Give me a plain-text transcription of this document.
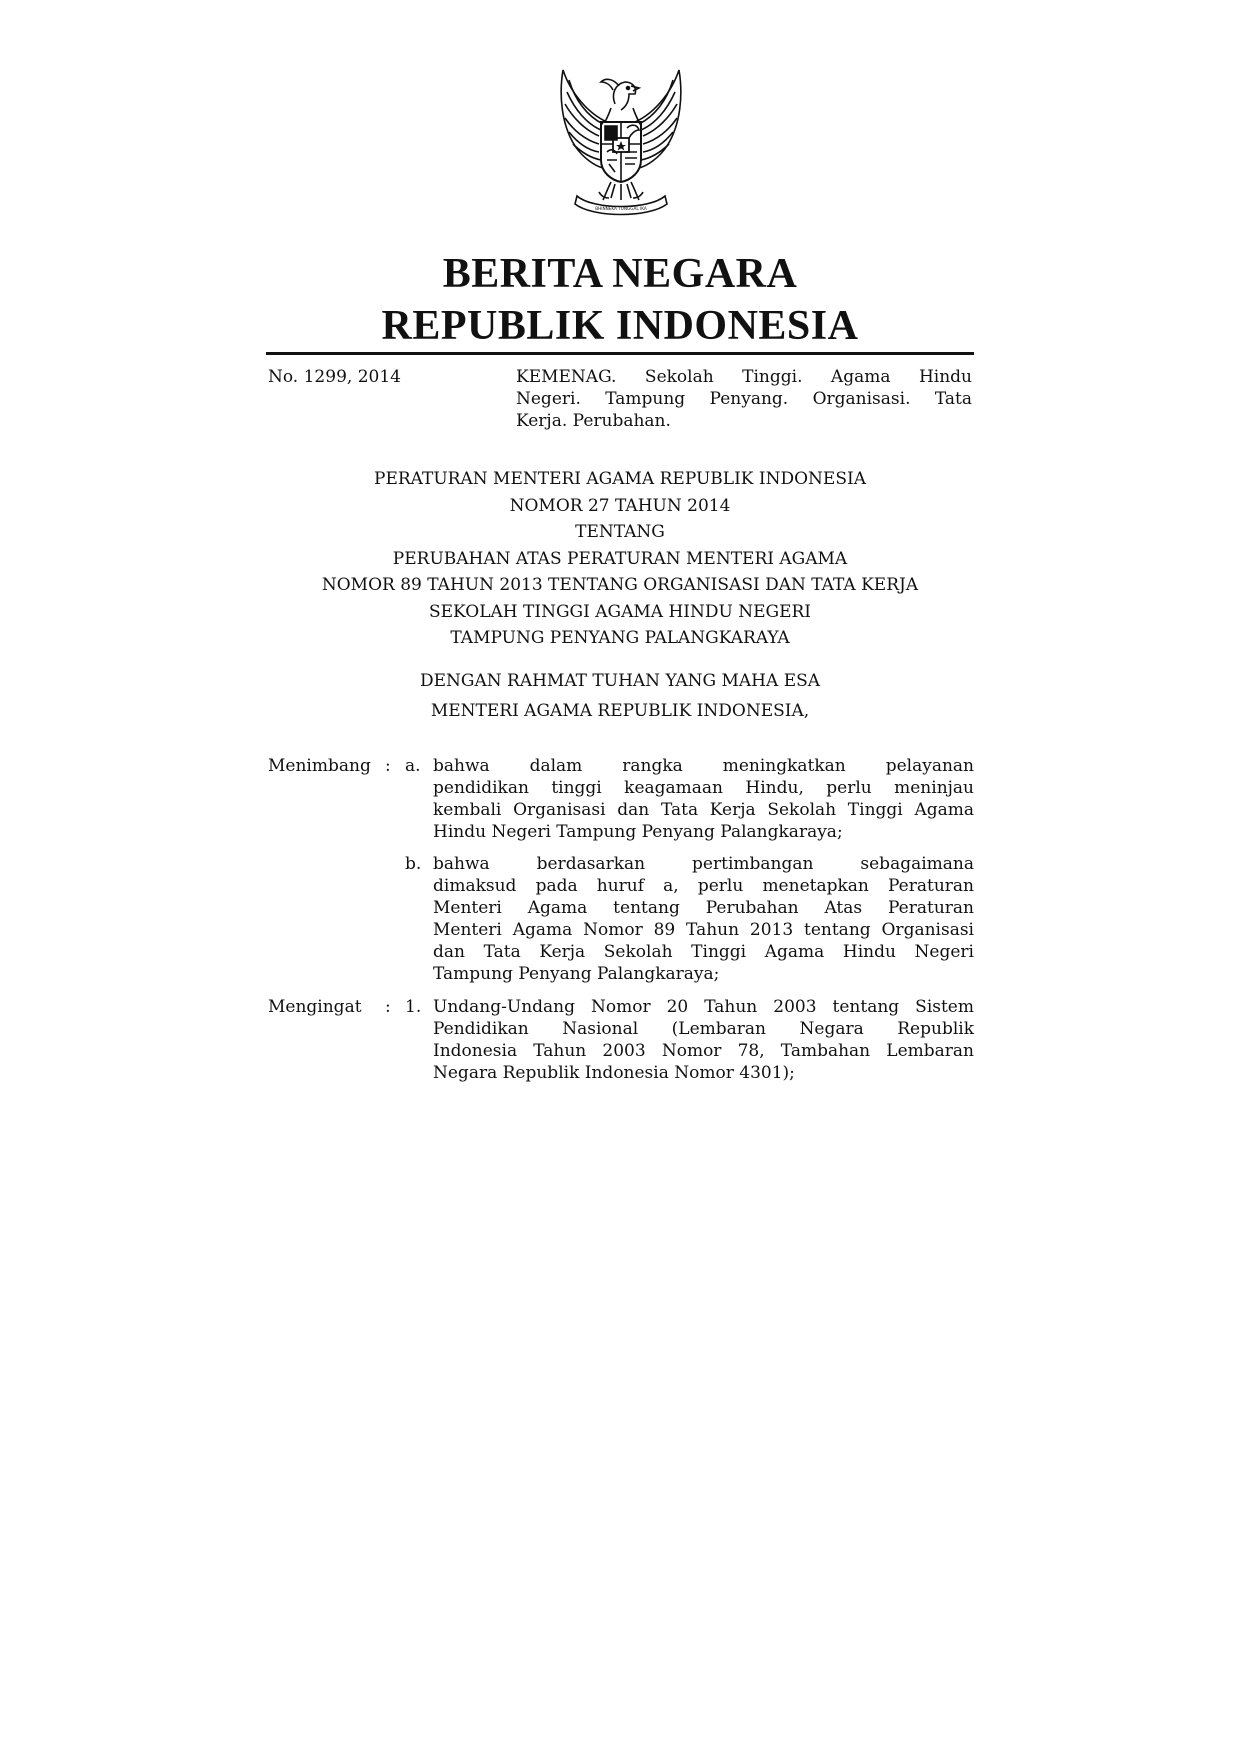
BHINNEKA TUNGGAL IKA
BERITA NEGARA
REPUBLIK INDONESIA
No. 1299, 2014	KEMENAG. Sekolah Tinggi. Agama Hindu
Negeri. Tampung Penyang. Organisasi. Tata
Kerja. Perubahan.
PERATURAN MENTERI AGAMA REPUBLIK INDONESIA
NOMOR 27 TAHUN 2014
TENTANG
PERUBAHAN ATAS PERATURAN MENTERI AGAMA
NOMOR 89 TAHUN 2013 TENTANG ORGANISASI DAN TATA KERJA
SEKOLAH TINGGI AGAMA HINDU NEGERI
TAMPUNG PENYANG PALANGKARAYA
DENGAN RAHMAT TUHAN YANG MAHA ESA
MENTERI AGAMA REPUBLIK INDONESIA,
Menimbang : a. bahwa dalam rangka meningkatkan pelayanan
pendidikan tinggi keagamaan Hindu, perlu meninjau
kembali Organisasi dan Tata Kerja Sekolah Tinggi Agama
Hindu Negeri Tampung Penyang Palangkaraya;
b. bahwa berdasarkan pertimbangan sebagaimana
dimaksud pada huruf a, perlu menetapkan Peraturan
Menteri Agama tentang Perubahan Atas Peraturan
Menteri Agama Nomor 89 Tahun 2013 tentang Organisasi
dan Tata Kerja Sekolah Tinggi Agama Hindu Negeri
Tampung Penyang Palangkaraya;
Mengingat : 1. Undang-Undang Nomor 20 Tahun 2003 tentang Sistem
Pendidikan Nasional (Lembaran Negara Republik
Indonesia Tahun 2003 Nomor 78, Tambahan Lembaran
Negara Republik Indonesia Nomor 4301);
